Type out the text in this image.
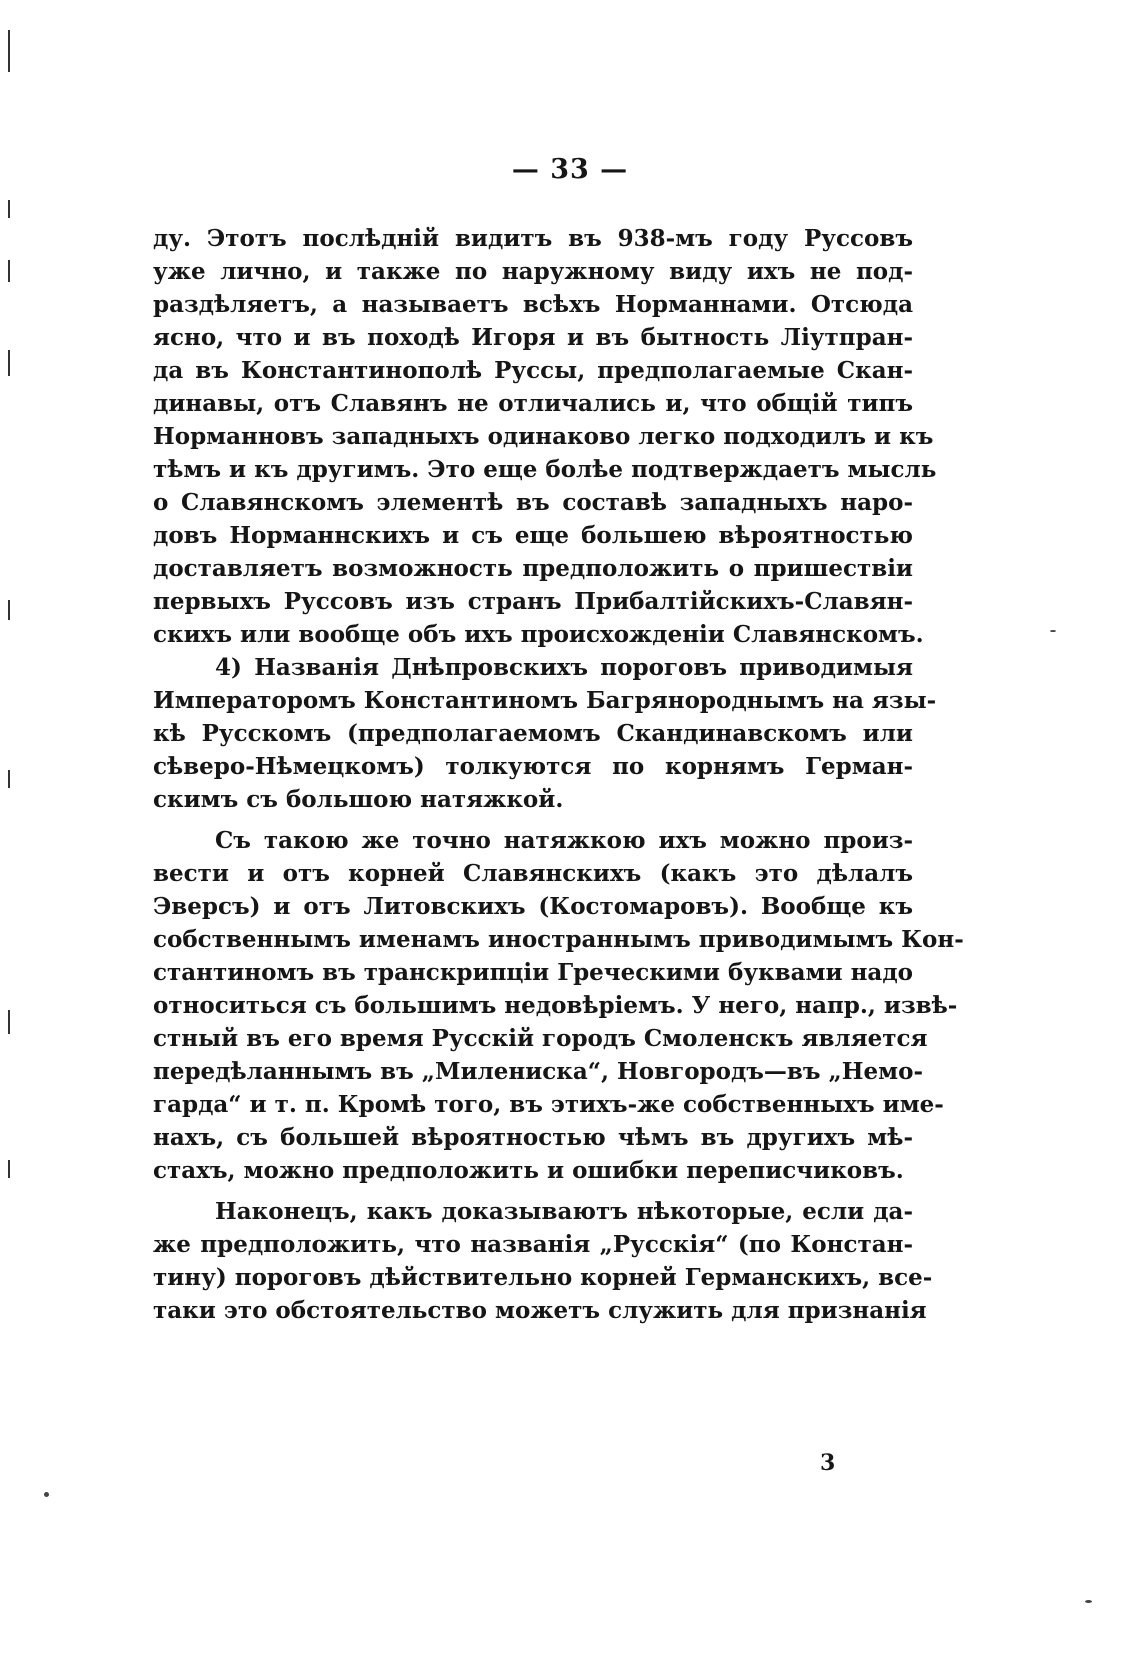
— 33 —
ду. Этотъ послѣднiй видитъ въ 938-мъ году Руссовъ
уже лично, и также по наружному виду ихъ не под-
раздѣляетъ, а называетъ всѣхъ Норманнами. Отсюда
ясно, что и въ походѣ Игоря и въ бытность Лiутпран-
да въ Константинополѣ Руссы, предполагаемые Скан-
динавы, отъ Славянъ не отличались и, что общiй типъ
Норманновъ западныхъ одинаково легко подходилъ и къ
тѣмъ и къ другимъ. Это еще болѣе подтверждаетъ мысль
о Славянскомъ элементѣ въ составѣ западныхъ наро-
довъ Норманнскихъ и съ еще большею вѣроятностью
доставляетъ возможность предположить о пришествiи
первыхъ Руссовъ изъ странъ Прибалтiйскихъ-Славян-
скихъ или вообще объ ихъ происхожденiи Славянскомъ.
4) Названiя Днѣпровскихъ пороговъ приводимыя
Императоромъ Константиномъ Багрянороднымъ на язы-
кѣ Русскомъ (предполагаемомъ Скандинавскомъ или
сѣверо-Нѣмецкомъ) толкуются по корнямъ Герман-
скимъ съ большою натяжкой.
Съ такою же точно натяжкою ихъ можно произ-
вести и отъ корней Славянскихъ (какъ это дѣлалъ
Эверсъ) и отъ Литовскихъ (Костомаровъ). Вообще къ
собственнымъ именамъ иностраннымъ приводимымъ Кон-
стантиномъ въ транскрипцiи Греческими буквами надо
относиться съ большимъ недовѣрiемъ. У него, напр., извѣ-
стный въ его время Русскiй городъ Смоленскъ является
передѣланнымъ въ „Милениска“, Новгородъ—въ „Немо-
гарда“ и т. п. Кромѣ того, въ этихъ-же собственныхъ име-
нахъ, съ большей вѣроятностью чѣмъ въ другихъ мѣ-
стахъ, можно предположить и ошибки переписчиковъ.
Наконецъ, какъ доказываютъ нѣкоторые, если да-
же предположить, что названiя „Русскiя“ (по Констан-
тину) пороговъ дѣйствительно корней Германскихъ, все-
таки это обстоятельство можетъ служить для признанiя
3
